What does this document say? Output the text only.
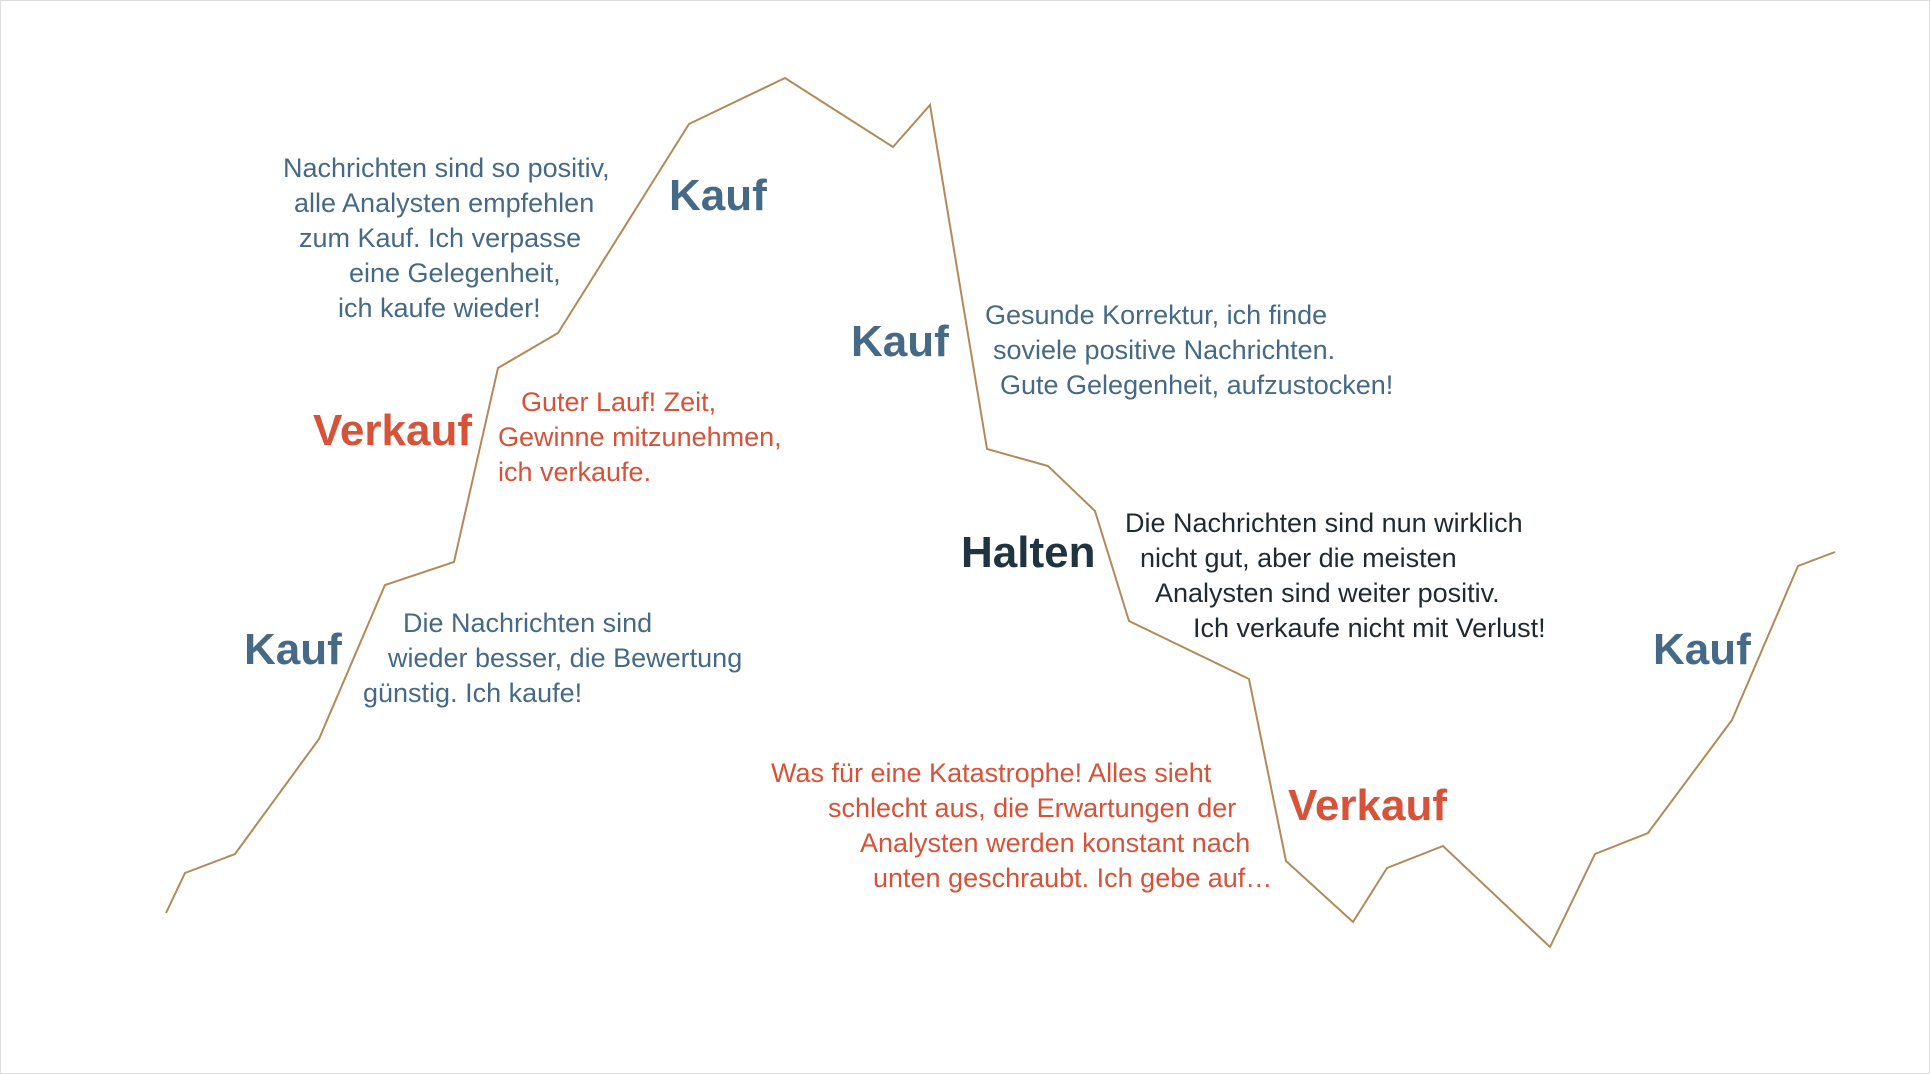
Kauf
Die Nachrichten sind
wieder besser, die Bewertung
günstig. Ich kaufe!
Verkauf
Guter Lauf! Zeit,
Gewinne mitzunehmen,
ich verkaufe.
Kauf
Nachrichten sind so positiv,
alle Analysten empfehlen
zum Kauf. Ich verpasse
eine Gelegenheit,
ich kaufe wieder!
Kauf
Gesunde Korrektur, ich finde
soviele positive Nachrichten.
Gute Gelegenheit, aufzustocken!
Halten
Die Nachrichten sind nun wirklich
nicht gut, aber die meisten
Analysten sind weiter positiv.
Ich verkaufe nicht mit Verlust!
Verkauf
Was für eine Katastrophe! Alles sieht
schlecht aus, die Erwartungen der
Analysten werden konstant nach
unten geschraubt. Ich gebe auf…
Kauf
